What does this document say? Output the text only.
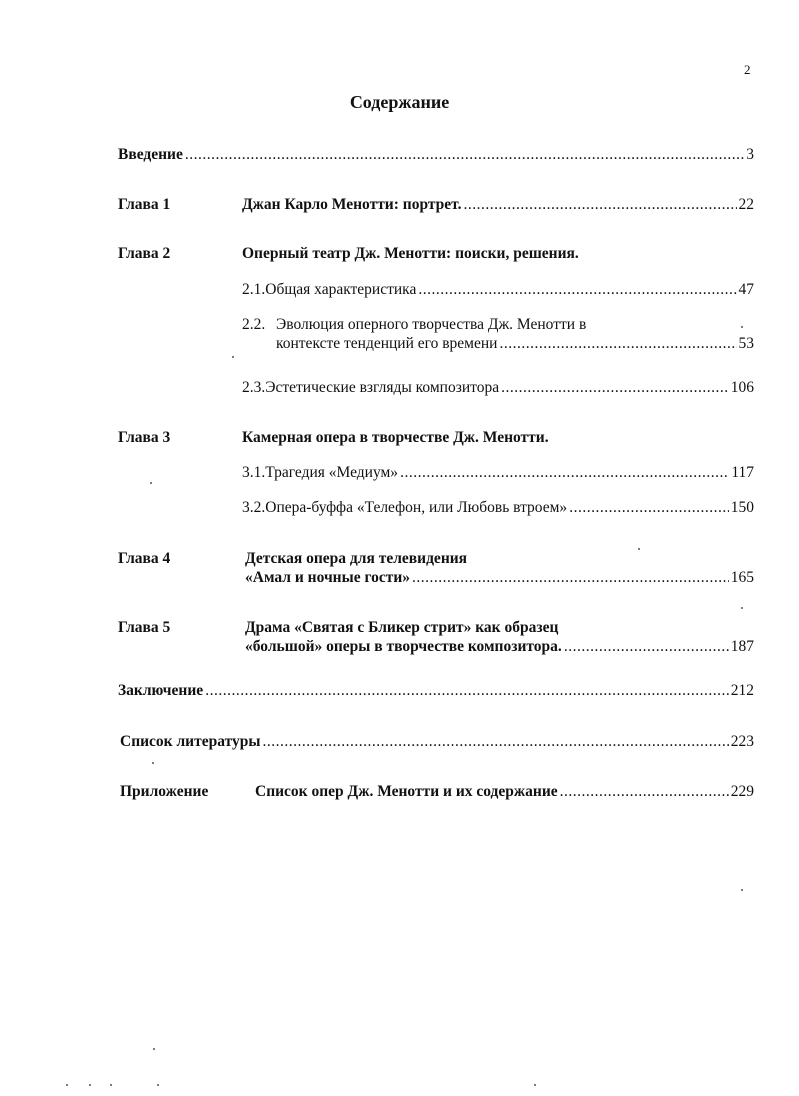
2
Содержание
Введение .....	3
Глава 1	Джан Карло Менотти: портрет. .....	22
Глава 2	Оперный театр Дж. Менотти: поиски, решения.
2.1. Общая характеристика .....	47
2.2. Эволюция оперного творчества Дж. Менотти в
контексте тенденций его времени .....	53
2.3. Эстетические взгляды композитора .....	106
Глава 3	Камерная опера в творчестве Дж. Менотти.
3.1. Трагедия «Медиум» .....	117
3.2. Опера-буффа «Телефон, или Любовь втроем» .....	150
Глава 4	Детская опера для телевидения
«Амал и ночные гости» .....	165
Глава 5	Драма «Святая с Бликер стрит» как образец
«большой» оперы в творчестве композитора. .....	187
Заключение .....	212
Список литературы .....	223
Приложение	Список опер Дж. Менотти и их содержание .....	229
